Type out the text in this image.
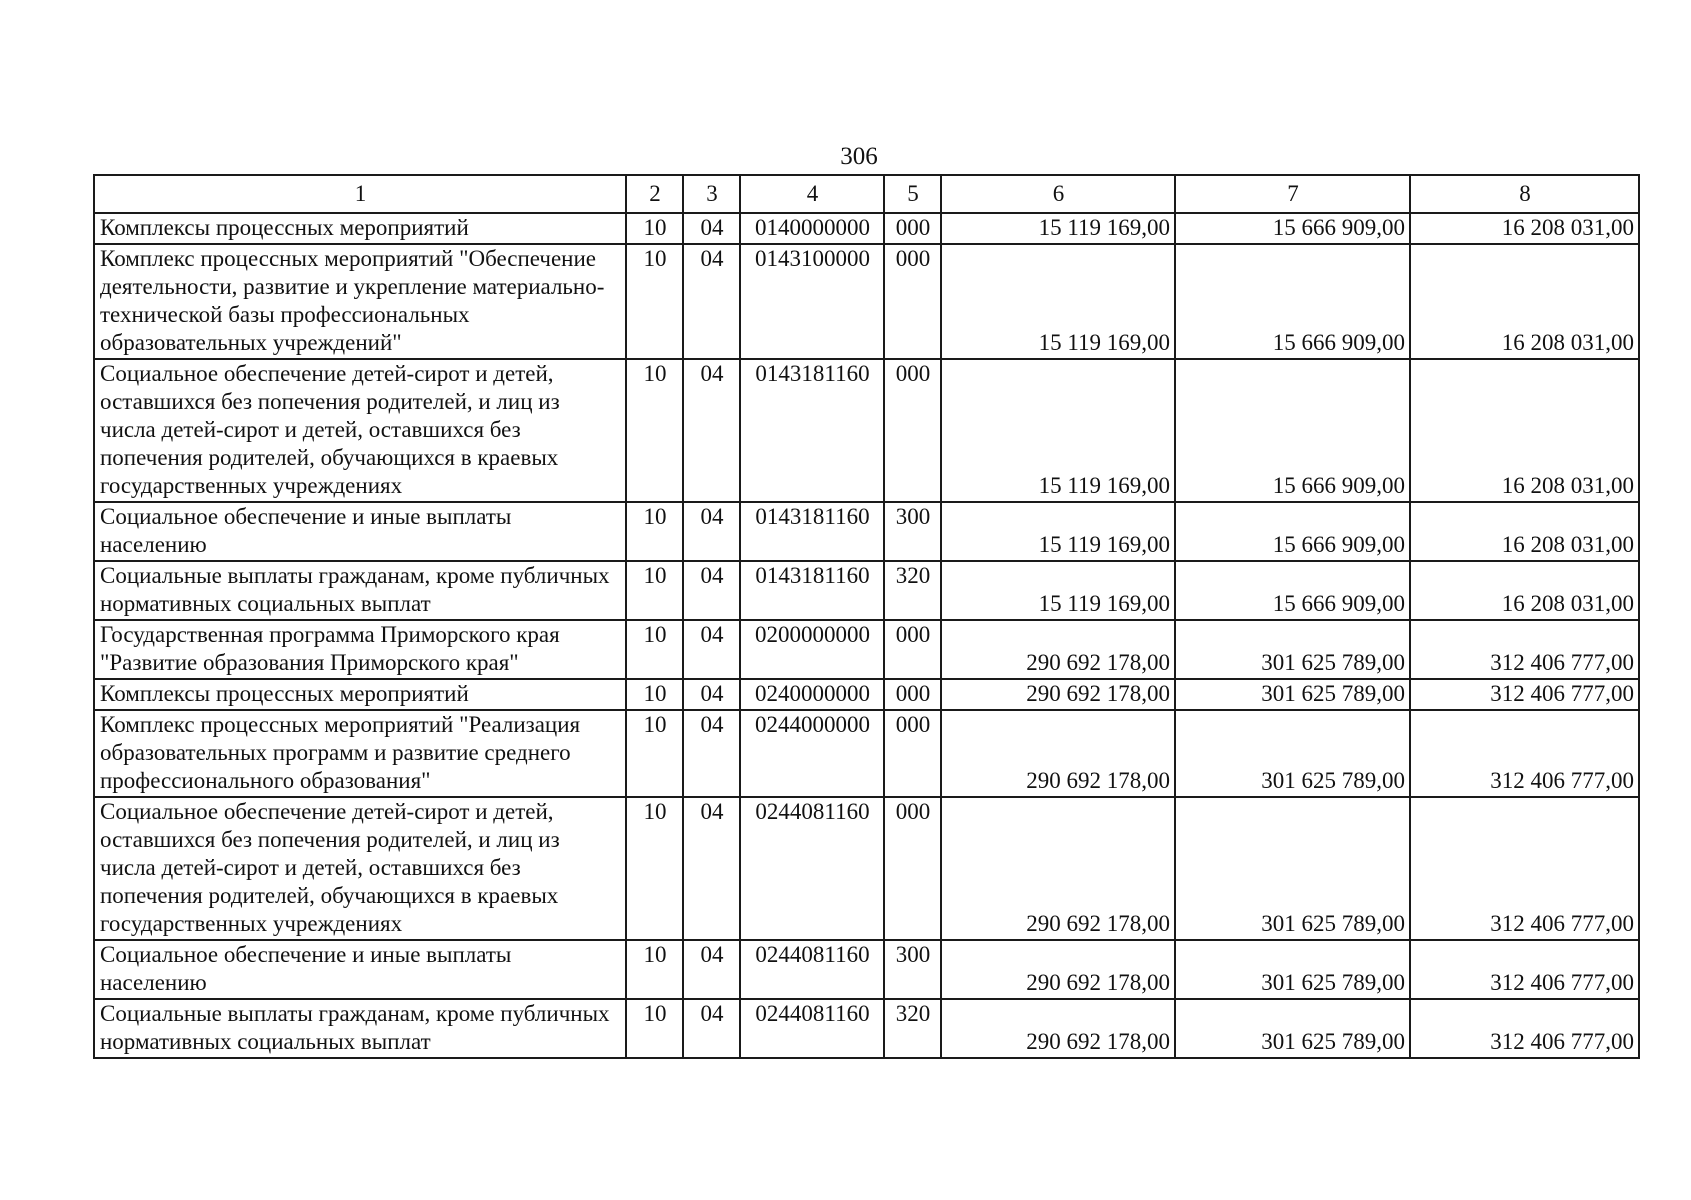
306
1	2	3	4	5	6	7	8
Комплексы процессных мероприятий	10	04	0140000000	000	15 119 169,00	15 666 909,00	16 208 031,00
Комплекс процессных мероприятий "Обеспечение деятельности, развитие и укрепление материально-технической базы профессиональных образовательных учреждений"	10	04	0143100000	000	15 119 169,00	15 666 909,00	16 208 031,00
Социальное обеспечение детей-сирот и детей, оставшихся без попечения родителей, и лиц из числа детей-сирот и детей, оставшихся без попечения родителей, обучающихся в краевых государственных учреждениях	10	04	0143181160	000	15 119 169,00	15 666 909,00	16 208 031,00
Социальное обеспечение и иные выплаты населению	10	04	0143181160	300	15 119 169,00	15 666 909,00	16 208 031,00
Социальные выплаты гражданам, кроме публичных нормативных социальных выплат	10	04	0143181160	320	15 119 169,00	15 666 909,00	16 208 031,00
Государственная программа Приморского края "Развитие образования Приморского края"	10	04	0200000000	000	290 692 178,00	301 625 789,00	312 406 777,00
Комплексы процессных мероприятий	10	04	0240000000	000	290 692 178,00	301 625 789,00	312 406 777,00
Комплекс процессных мероприятий "Реализация образовательных программ и развитие среднего профессионального образования"	10	04	0244000000	000	290 692 178,00	301 625 789,00	312 406 777,00
Социальное обеспечение детей-сирот и детей, оставшихся без попечения родителей, и лиц из числа детей-сирот и детей, оставшихся без попечения родителей, обучающихся в краевых государственных учреждениях	10	04	0244081160	000	290 692 178,00	301 625 789,00	312 406 777,00
Социальное обеспечение и иные выплаты населению	10	04	0244081160	300	290 692 178,00	301 625 789,00	312 406 777,00
Социальные выплаты гражданам, кроме публичных нормативных социальных выплат	10	04	0244081160	320	290 692 178,00	301 625 789,00	312 406 777,00
